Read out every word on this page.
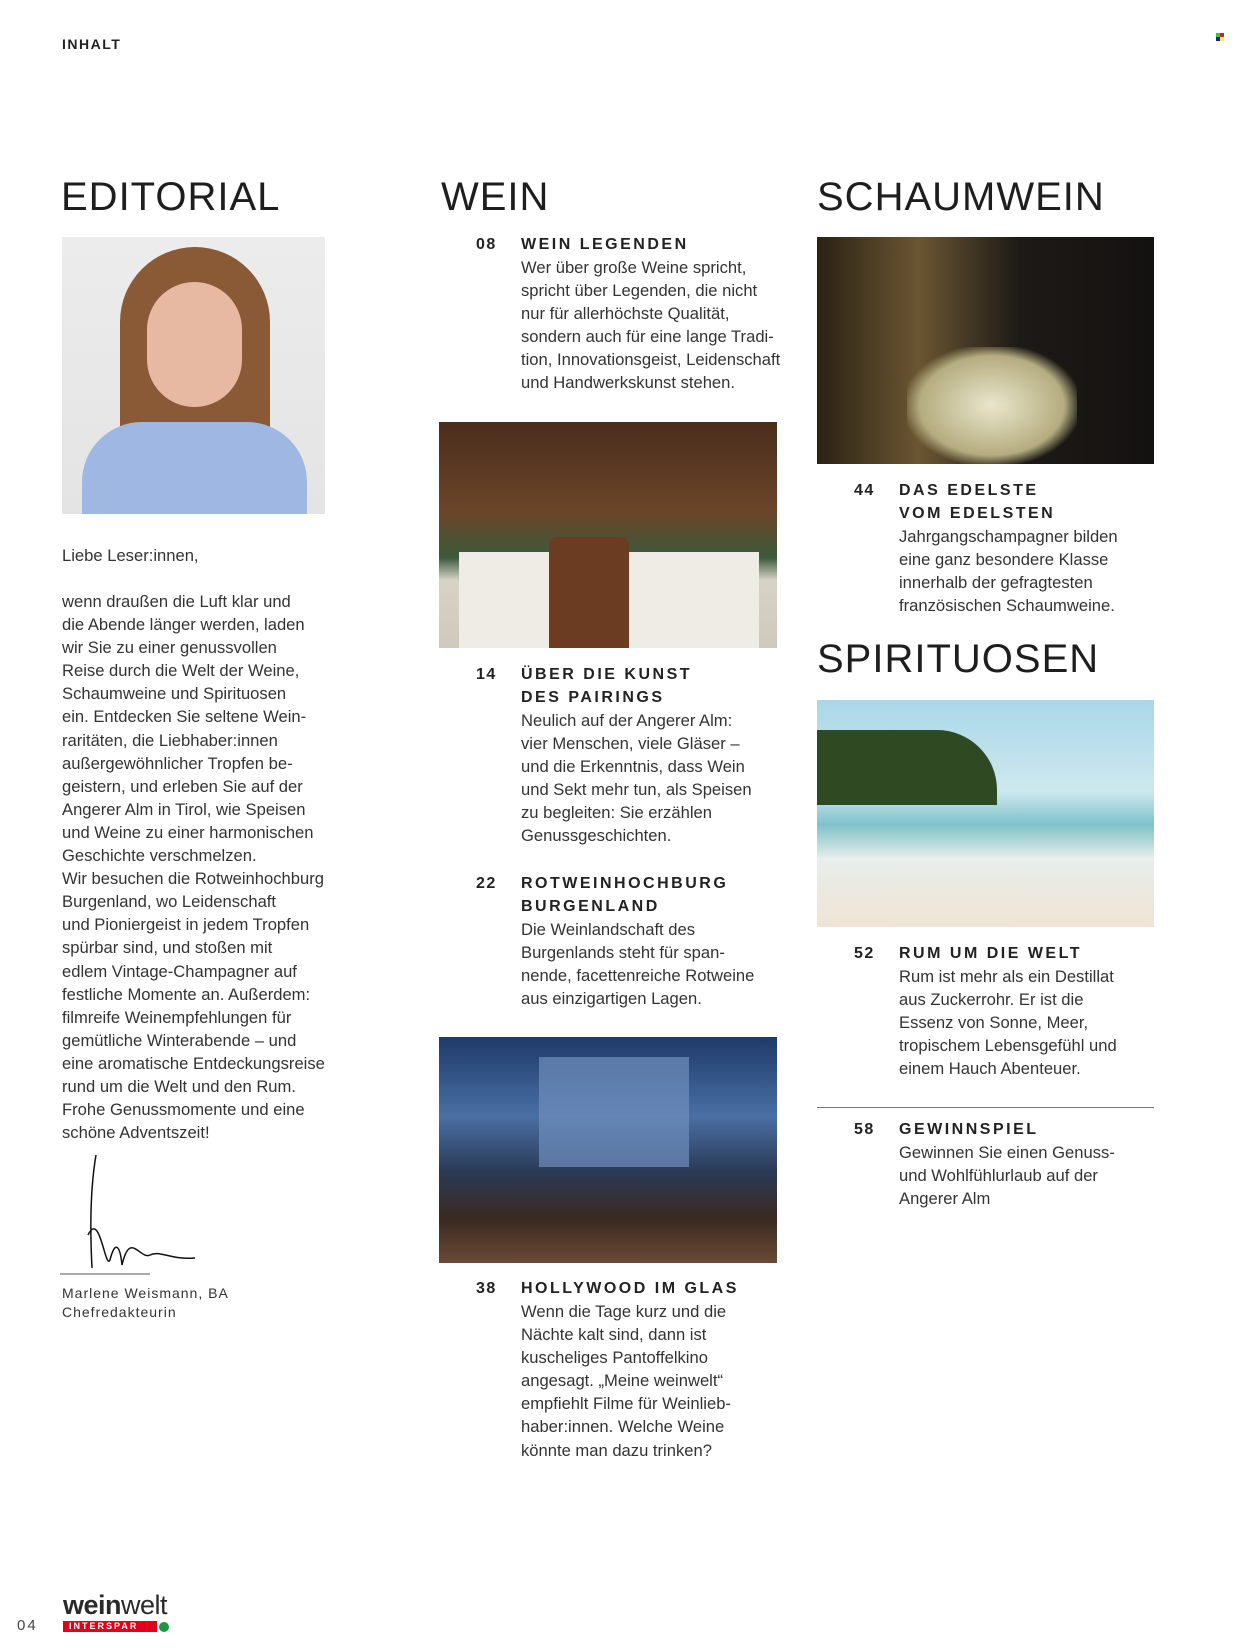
INHALT
EDITORIAL
Liebe Leser:innen,
wenn draußen die Luft klar und
die Abende länger werden, laden
wir Sie zu einer genussvollen
Reise durch die Welt der Weine,
Schaumweine und Spirituosen
ein. Entdecken Sie seltene Wein-
raritäten, die Liebhaber:innen
außergewöhnlicher Tropfen be-
geistern, und erleben Sie auf der
Angerer Alm in Tirol, wie Speisen
und Weine zu einer harmonischen
Geschichte verschmelzen.
Wir besuchen die Rotweinhochburg
Burgenland, wo Leidenschaft
und Pioniergeist in jedem Tropfen
spürbar sind, und stoßen mit
edlem Vintage-Champagner auf
festliche Momente an. Außerdem:
filmreife Weinempfehlungen für
gemütliche Winterabende – und
eine aromatische Entdeckungsreise
rund um die Welt und den Rum.
Frohe Genussmomente und eine
schöne Adventszeit!
Marlene Weismann, BA
Chefredakteurin
WEIN
08 WEIN LEGENDEN
Wer über große Weine spricht,
spricht über Legenden, die nicht
nur für allerhöchste Qualität,
sondern auch für eine lange Tradi-
tion, Innovationsgeist, Leidenschaft
und Handwerkskunst stehen.
14 ÜBER DIE KUNST
DES PAIRINGS
Neulich auf der Angerer Alm:
vier Menschen, viele Gläser –
und die Erkenntnis, dass Wein
und Sekt mehr tun, als Speisen
zu begleiten: Sie erzählen
Genussgeschichten.
22 ROTWEINHOCHBURG
BURGENLAND
Die Weinlandschaft des
Burgenlands steht für span-
nende, facettenreiche Rotweine
aus einzigartigen Lagen.
38 HOLLYWOOD IM GLAS
Wenn die Tage kurz und die
Nächte kalt sind, dann ist
kuscheliges Pantoffelkino
angesagt. „Meine weinwelt“
empfiehlt Filme für Weinlieb-
haber:innen. Welche Weine
könnte man dazu trinken?
SCHAUMWEIN
44 DAS EDELSTE
VOM EDELSTEN
Jahrgangschampagner bilden
eine ganz besondere Klasse
innerhalb der gefragtesten
französischen Schaumweine.
SPIRITUOSEN
52 RUM UM DIE WELT
Rum ist mehr als ein Destillat
aus Zuckerrohr. Er ist die
Essenz von Sonne, Meer,
tropischem Lebensgefühl und
einem Hauch Abenteuer.
58 GEWINNSPIEL
Gewinnen Sie einen Genuss-
und Wohlfühlurlaub auf der
Angerer Alm
04
weinwelt
INTERSPAR
